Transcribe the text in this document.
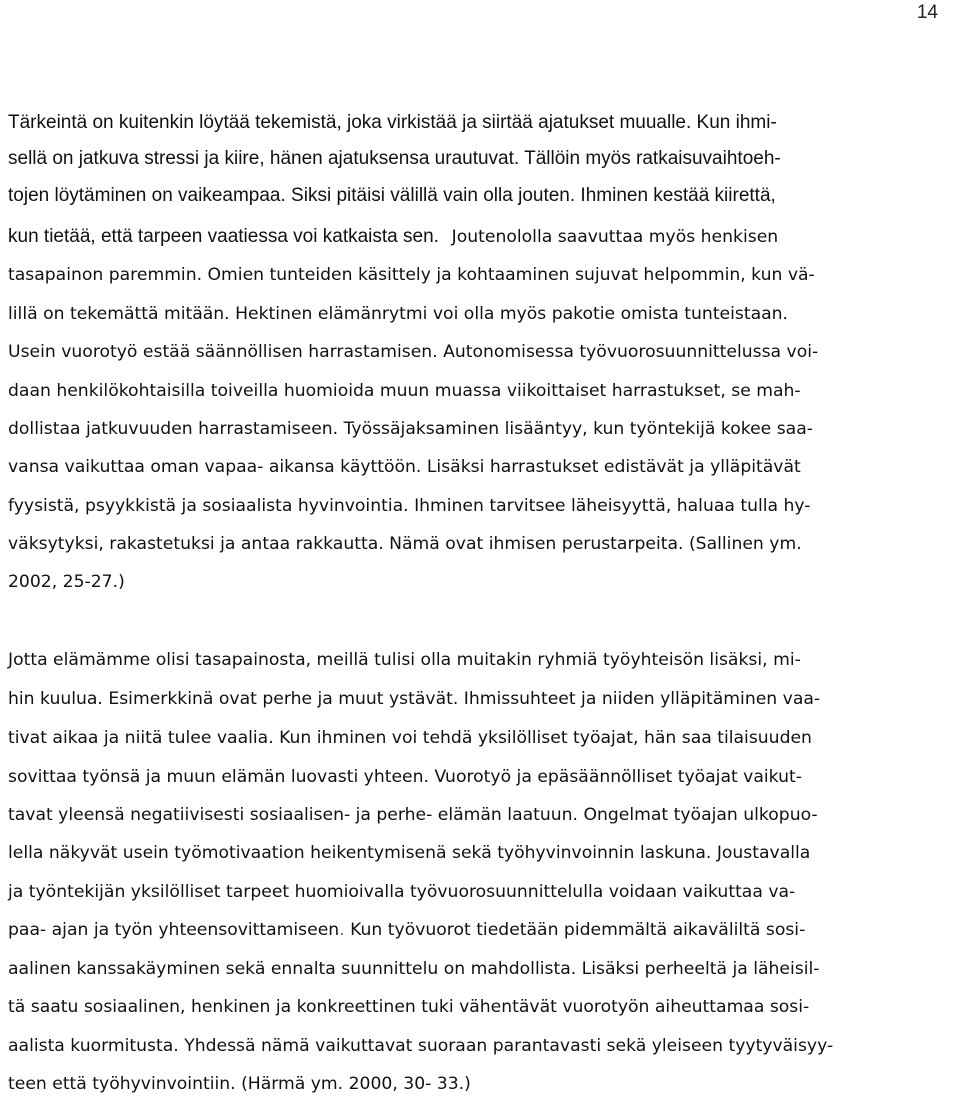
14
Tärkeintä on kuitenkin löytää tekemistä, joka virkistää ja siirtää ajatukset muualle. Kun ihmi-
sellä on jatkuva stressi ja kiire, hänen ajatuksensa urautuvat. Tällöin myös ratkaisuvaihtoeh-
tojen löytäminen on vaikeampaa. Siksi pitäisi välillä vain olla jouten. Ihminen kestää kiirettä,
kun tietää, että tarpeen vaatiessa voi katkaista sen. Joutenololla saavuttaa myös henkisen
tasapainon paremmin. Omien tunteiden käsittely ja kohtaaminen sujuvat helpommin, kun vä-
lillä on tekemättä mitään. Hektinen elämänrytmi voi olla myös pakotie omista tunteistaan.
Usein vuorotyö estää säännöllisen harrastamisen. Autonomisessa työvuorosuunnittelussa voi-
daan henkilökohtaisilla toiveilla huomioida muun muassa viikoittaiset harrastukset, se mah-
dollistaa jatkuvuuden harrastamiseen. Työssäjaksaminen lisääntyy, kun työntekijä kokee saa-
vansa vaikuttaa oman vapaa- aikansa käyttöön. Lisäksi harrastukset edistävät ja ylläpitävät
fyysistä, psyykkistä ja sosiaalista hyvinvointia. Ihminen tarvitsee läheisyyttä, haluaa tulla hy-
väksytyksi, rakastetuksi ja antaa rakkautta. Nämä ovat ihmisen perustarpeita. (Sallinen ym.
2002, 25-27.)
Jotta elämämme olisi tasapainosta, meillä tulisi olla muitakin ryhmiä työyhteisön lisäksi, mi-
hin kuulua. Esimerkkinä ovat perhe ja muut ystävät. Ihmissuhteet ja niiden ylläpitäminen vaa-
tivat aikaa ja niitä tulee vaalia. Kun ihminen voi tehdä yksilölliset työajat, hän saa tilaisuuden
sovittaa työnsä ja muun elämän luovasti yhteen. Vuorotyö ja epäsäännölliset työajat vaikut-
tavat yleensä negatiivisesti sosiaalisen- ja perhe- elämän laatuun. Ongelmat työajan ulkopuo-
lella näkyvät usein työmotivaation heikentymisenä sekä työhyvinvoinnin laskuna. Joustavalla
ja työntekijän yksilölliset tarpeet huomioivalla työvuorosuunnittelulla voidaan vaikuttaa va-
paa- ajan ja työn yhteensovittamiseen. Kun työvuorot tiedetään pidemmältä aikaväliltä sosi-
aalinen kanssakäyminen sekä ennalta suunnittelu on mahdollista. Lisäksi perheeltä ja läheisil-
tä saatu sosiaalinen, henkinen ja konkreettinen tuki vähentävät vuorotyön aiheuttamaa sosi-
aalista kuormitusta. Yhdessä nämä vaikuttavat suoraan parantavasti sekä yleiseen tyytyväisyy-
teen että työhyvinvointiin. (Härmä ym. 2000, 30- 33.)
